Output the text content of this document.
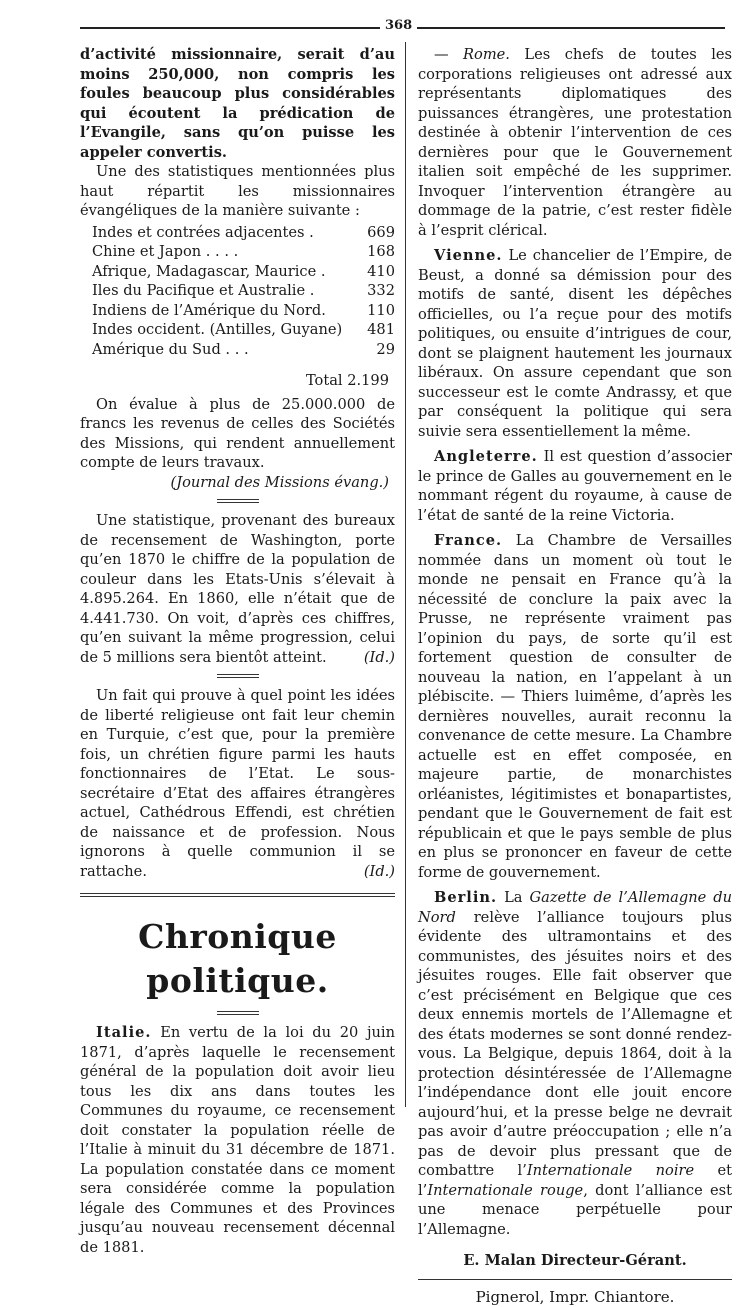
368

d’activité missionnaire, serait d’au moins 250,000, non compris les foules beaucoup plus considérables qui écoutent la prédication de l’Evangile, sans qu’on puisse les appeler convertis.

Une des statistiques mentionnées plus haut répartit les missionnaires évangéliques de la manière suivante :

Indes et contrées adjacentes .	669
Chine et Japon . . . .	168
Afrique, Madagascar, Maurice .	410
Iles du Pacifique et Australie .	332
Indiens de l’Amérique du Nord.	110
Indes occident. (Antilles, Guyane)	481
Amérique du Sud . . .	29
Total 2.199

On évalue à plus de 25.000.000 de francs les revenus de celles des Sociétés des Missions, qui rendent annuellement compte de leurs travaux.

(Journal des Missions évang.)

Une statistique, provenant des bureaux de recensement de Washington, porte qu’en 1870 le chiffre de la population de couleur dans les Etats-Unis s’élevait à 4.895.264. En 1860, elle n’était que de 4.441.730. On voit, d’après ces chiffres, qu’en suivant la même progression, celui de 5 millions sera bientôt atteint.	(Id.)

Un fait qui prouve à quel point les idées de liberté religieuse ont fait leur chemin en Turquie, c’est que, pour la première fois, un chrétien figure parmi les hauts fonctionnaires de l’Etat. Le sous-secrétaire d’Etat des affaires étrangères actuel, Cathédrous Effendi, est chrétien de naissance et de profession. Nous ignorons à quelle communion il se rattache.	(Id.)

Chronique politique.

Italie. En vertu de la loi du 20 juin 1871, d’après laquelle le recensement général de la population doit avoir lieu tous les dix ans dans toutes les Communes du royaume, ce recensement doit constater la population réelle de l’Italie à minuit du 31 décembre de 1871. La population constatée dans ce moment sera considérée comme la population légale des Communes et des Provinces jusqu’au nouveau recensement décennal de 1881.

— Rome. Les chefs de toutes les corporations religieuses ont adressé aux représentants diplomatiques des puissances étrangères, une protestation destinée à obtenir l’intervention de ces dernières pour que le Gouvernement italien soit empêché de les supprimer. Invoquer l’intervention étrangère au dommage de la patrie, c’est rester fidèle à l’esprit clérical.

Vienne. Le chancelier de l’Empire, de Beust, a donné sa démission pour des motifs de santé, disent les dépêches officielles, ou l’a reçue pour des motifs politiques, ou ensuite d’intrigues de cour, dont se plaignent hautement les journaux libéraux. On assure cependant que son successeur est le comte Andrassy, et que par conséquent la politique qui sera suivie sera essentiellement la même.

Angleterre. Il est question d’associer le prince de Galles au gouvernement en le nommant régent du royaume, à cause de l’état de santé de la reine Victoria.

France. La Chambre de Versailles nommée dans un moment où tout le monde ne pensait en France qu’à la nécessité de conclure la paix avec la Prusse, ne représente vraiment pas l’opinion du pays, de sorte qu’il est fortement question de consulter de nouveau la nation, en l’appelant à un plébiscite. — Thiers luimême, d’après les dernières nouvelles, aurait reconnu la convenance de cette mesure. La Chambre actuelle est en effet composée, en majeure partie, de monarchistes orléanistes, légitimistes et bonapartistes, pendant que le Gouvernement de fait est républicain et que le pays semble de plus en plus se prononcer en faveur de cette forme de gouvernement.

Berlin. La Gazette de l’Allemagne du Nord relève l’alliance toujours plus évidente des ultramontains et des communistes, des jésuites noirs et des jésuites rouges. Elle fait observer que c’est précisément en Belgique que ces deux ennemis mortels de l’Allemagne et des états modernes se sont donné rendez-vous. La Belgique, depuis 1864, doit à la protection désintéressée de l’Allemagne l’indépendance dont elle jouit encore aujourd’hui, et la presse belge ne devrait pas avoir d’autre préoccupation ; elle n’a pas de devoir plus pressant que de combattre l’Internationale noire et l’Internationale rouge, dont l’alliance est une menace perpétuelle pour l’Allemagne.

E. Malan Directeur-Gérant.
Pignerol, Impr. Chiantore.
